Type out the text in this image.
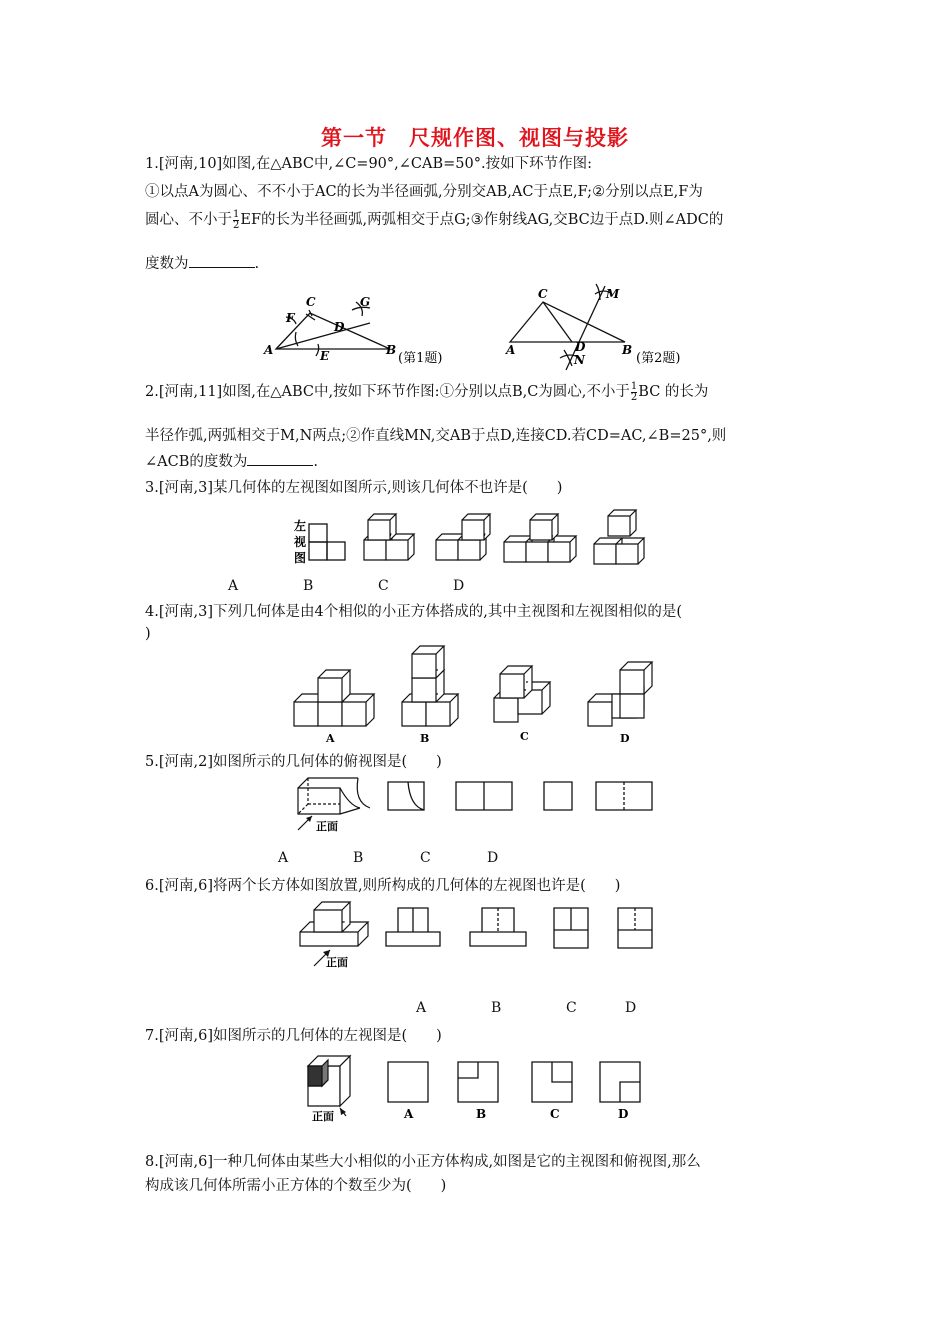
第一节　尺规作图、视图与投影
1.[河南,10]如图,在△ABC中,∠C=90°,∠CAB=50°.按如下环节作图:
①以点A为圆心、不不小于AC的长为半径画弧,分别交AB,AC于点E,F;②分别以点E,F为
圆心、不小于 $\frac{1}{2}$ EF的长为半径画弧,两弧相交于点G;③作射线AG,交BC边于点D.则∠ADC的
度数为	.
A
C
F
D
G
E	B
(第1题)
A
C	M
D
N
B
(第2题)
2.[河南,11]如图,在△ABC中,按如下环节作图:①分别以点B,C为圆心,不小于 $\frac{1}{2}$ BC 的长为
半径作弧,两弧相交于M,N两点;②作直线MN,交AB于点D,连接CD.若CD=AC,∠B=25°,则
∠ACB的度数为	.
3.[河南,3]某几何体的左视图如图所示,则该几何体不也许是(　　)
左
视
图
A	B	C	D
4.[河南,3]下列几何体是由4个相似的小正方体搭成的,其中主视图和左视图相似的是(
)
A	B	C	D
5.[河南,2]如图所示的几何体的俯视图是(　　)
正面
A	B	C	D
6.[河南,6]将两个长方体如图放置,则所构成的几何体的左视图也许是(　　)
正面
A	B	C	D
7.[河南,6]如图所示的几何体的左视图是(　　)
正面	A	B	C	D
8.[河南,6]一种几何体由某些大小相似的小正方体构成,如图是它的主视图和俯视图,那么
构成该几何体所需小正方体的个数至少为(　　)
